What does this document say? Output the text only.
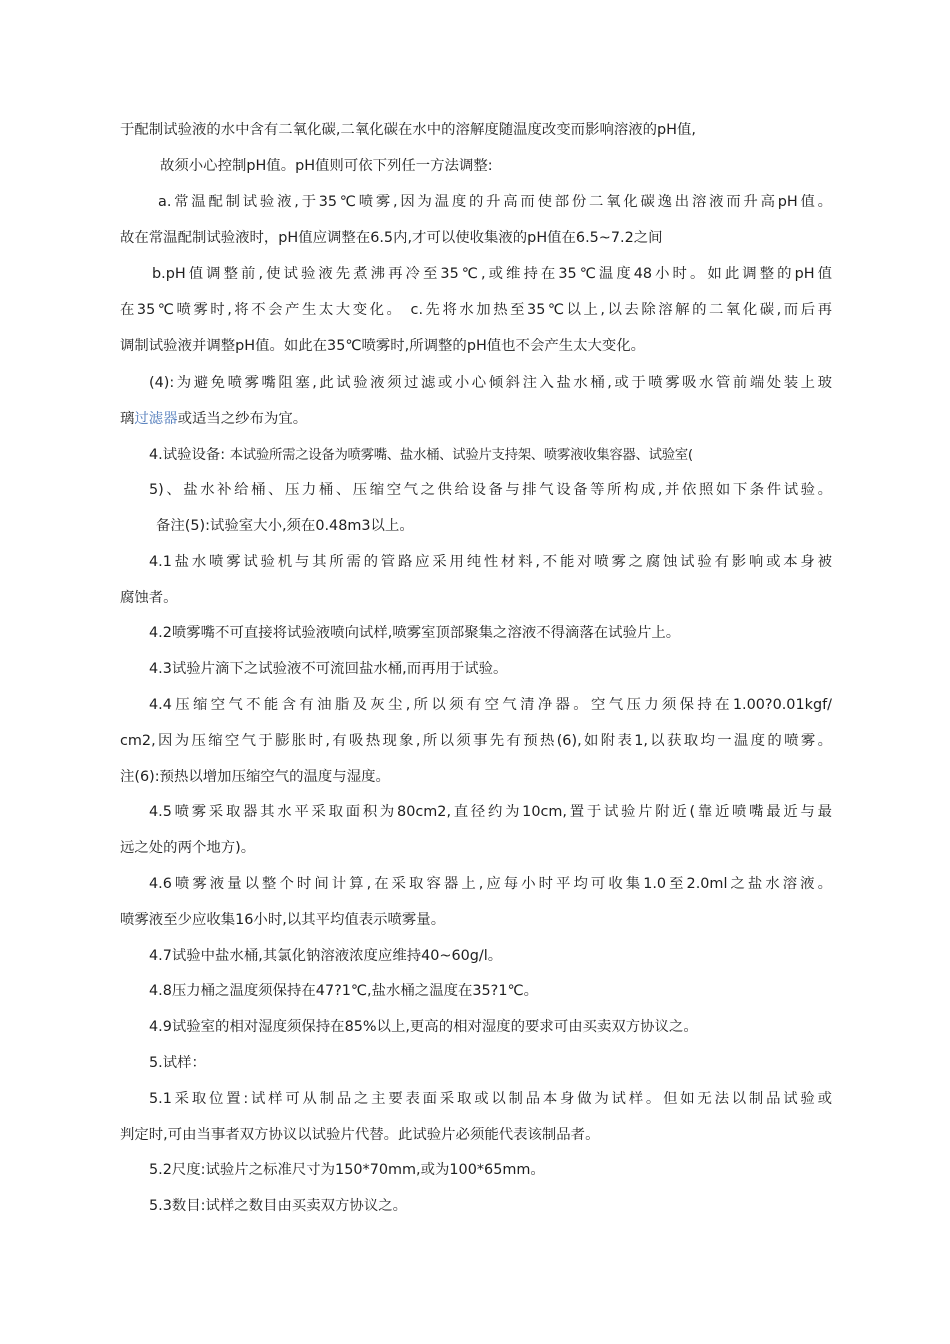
于配制试验液的水中含有二氧化碳,二氧化碳在水中的溶解度随温度改变而影响溶液的pH值,
故须小心控制pH值。pH值则可依下列任一方法调整:
a.常温配制试验液,于35℃喷雾,因为温度的升高而使部份二氧化碳逸出溶液而升高pH值。
故在常温配制试验液时，pH值应调整在6.5内,才可以使收集液的pH值在6.5~7.2之间
b.pH值调整前,使试验液先煮沸再冷至35℃,或维持在35℃温度48小时。如此调整的pH值
在35℃喷雾时,将不会产生太大变化。 c.先将水加热至35℃以上,以去除溶解的二氧化碳,而后再
调制试验液并调整pH值。如此在35℃喷雾时,所调整的pH值也不会产生太大变化。
(4):为避免喷雾嘴阻塞,此试验液须过滤或小心倾斜注入盐水桶,或于喷雾吸水管前端处装上玻
璃过滤器或适当之纱布为宜。
4.试验设备: 本试验所需之设备为喷雾嘴、盐水桶、试验片支持架、喷雾液收集容器、试验室(
5)、盐水补给桶、压力桶、压缩空气之供给设备与排气设备等所构成,并依照如下条件试验。
备注(5):试验室大小,须在0.48m3以上。
4.1盐水喷雾试验机与其所需的管路应采用纯性材料,不能对喷雾之腐蚀试验有影响或本身被
腐蚀者。
4.2喷雾嘴不可直接将试验液喷向试样,喷雾室顶部聚集之溶液不得滴落在试验片上。
4.3试验片滴下之试验液不可流回盐水桶,而再用于试验。
4.4压缩空气不能含有油脂及灰尘,所以须有空气清净器。空气压力须保持在1.00?0.01kgf/
cm2,因为压缩空气于膨胀时,有吸热现象,所以须事先有预热(6),如附表1,以获取均一温度的喷雾。
注(6):预热以增加压缩空气的温度与湿度。
4.5喷雾采取器其水平采取面积为80cm2,直径约为10cm,置于试验片附近(靠近喷嘴最近与最
远之处的两个地方)。
4.6喷雾液量以整个时间计算,在采取容器上,应每小时平均可收集1.0至2.0ml之盐水溶液。
喷雾液至少应收集16小时,以其平均值表示喷雾量。
4.7试验中盐水桶,其氯化钠溶液浓度应维持40~60g/l。
4.8压力桶之温度须保持在47?1℃,盐水桶之温度在35?1℃。
4.9试验室的相对湿度须保持在85%以上,更高的相对湿度的要求可由买卖双方协议之。
5.试样：
5.1采取位置:试样可从制品之主要表面采取或以制品本身做为试样。但如无法以制品试验或
判定时,可由当事者双方协议以试验片代替。此试验片必须能代表该制品者。
5.2尺度:试验片之标准尺寸为150*70mm,或为100*65mm。
5.3数目:试样之数目由买卖双方协议之。
